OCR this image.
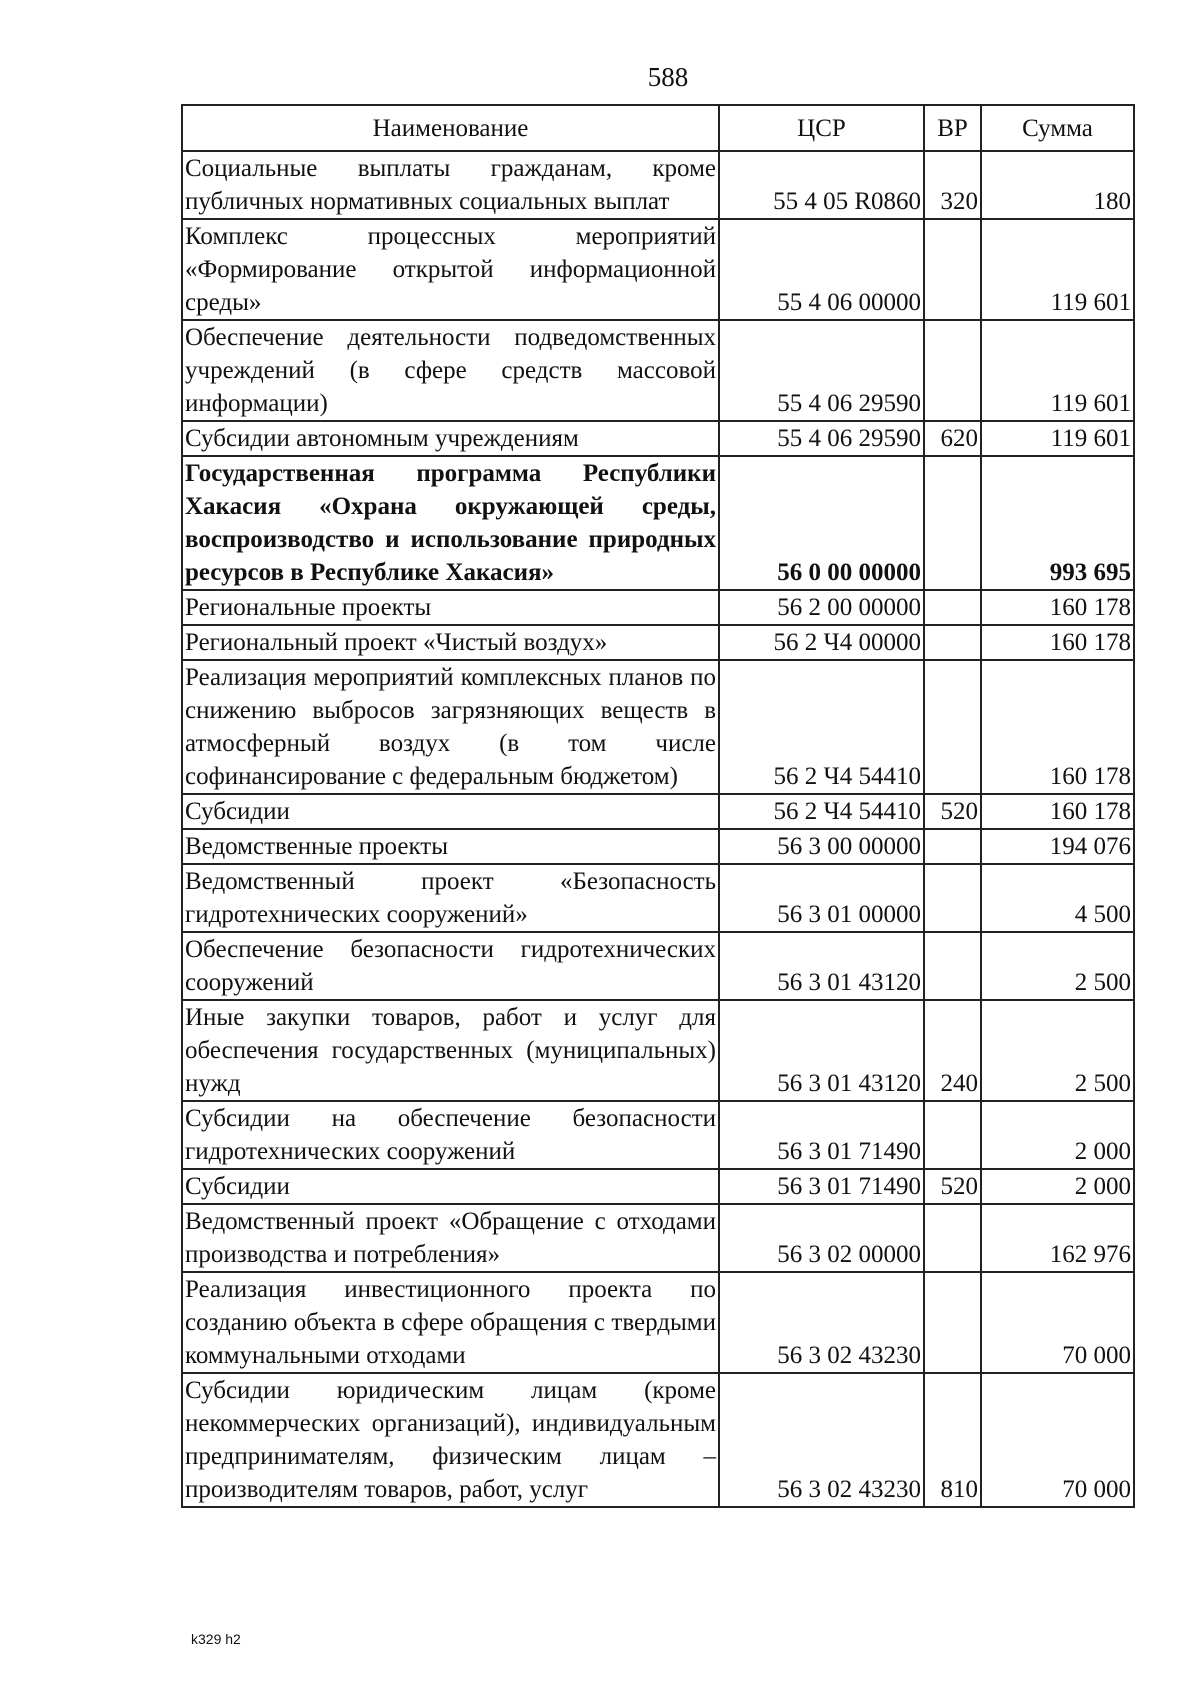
588
Наименование	ЦСР	ВР	Сумма
Социальные выплаты гражданам, кроме публичных нормативных социальных выплат	55 4 05 R0860	320	180
Комплекс процессных мероприятий «Формирование открытой информационной среды»	55 4 06 00000		119 601
Обеспечение деятельности подведомственных учреждений (в сфере средств массовой информации)	55 4 06 29590		119 601
Субсидии автономным учреждениям	55 4 06 29590	620	119 601
Государственная программа Республики Хакасия «Охрана окружающей среды, воспроизводство и использование природных ресурсов в Республике Хакасия»	56 0 00 00000		993 695
Региональные проекты	56 2 00 00000		160 178
Региональный проект «Чистый воздух»	56 2 Ч4 00000		160 178
Реализация мероприятий комплексных планов по снижению выбросов загрязняющих веществ в атмосферный воздух (в том числе софинансирование с федеральным бюджетом)	56 2 Ч4 54410		160 178
Субсидии	56 2 Ч4 54410	520	160 178
Ведомственные проекты	56 3 00 00000		194 076
Ведомственный проект «Безопасность гидротехнических сооружений»	56 3 01 00000		4 500
Обеспечение безопасности гидротехнических сооружений	56 3 01 43120		2 500
Иные закупки товаров, работ и услуг для обеспечения государственных (муниципальных) нужд	56 3 01 43120	240	2 500
Субсидии на обеспечение безопасности гидротехнических сооружений	56 3 01 71490		2 000
Субсидии	56 3 01 71490	520	2 000
Ведомственный проект «Обращение с отходами производства и потребления»	56 3 02 00000		162 976
Реализация инвестиционного проекта по созданию объекта в сфере обращения с твердыми коммунальными отходами	56 3 02 43230		70 000
Субсидии юридическим лицам (кроме некоммерческих организаций), индивидуальным предпринимателям, физическим лицам – производителям товаров, работ, услуг	56 3 02 43230	810	70 000
k329 h2
